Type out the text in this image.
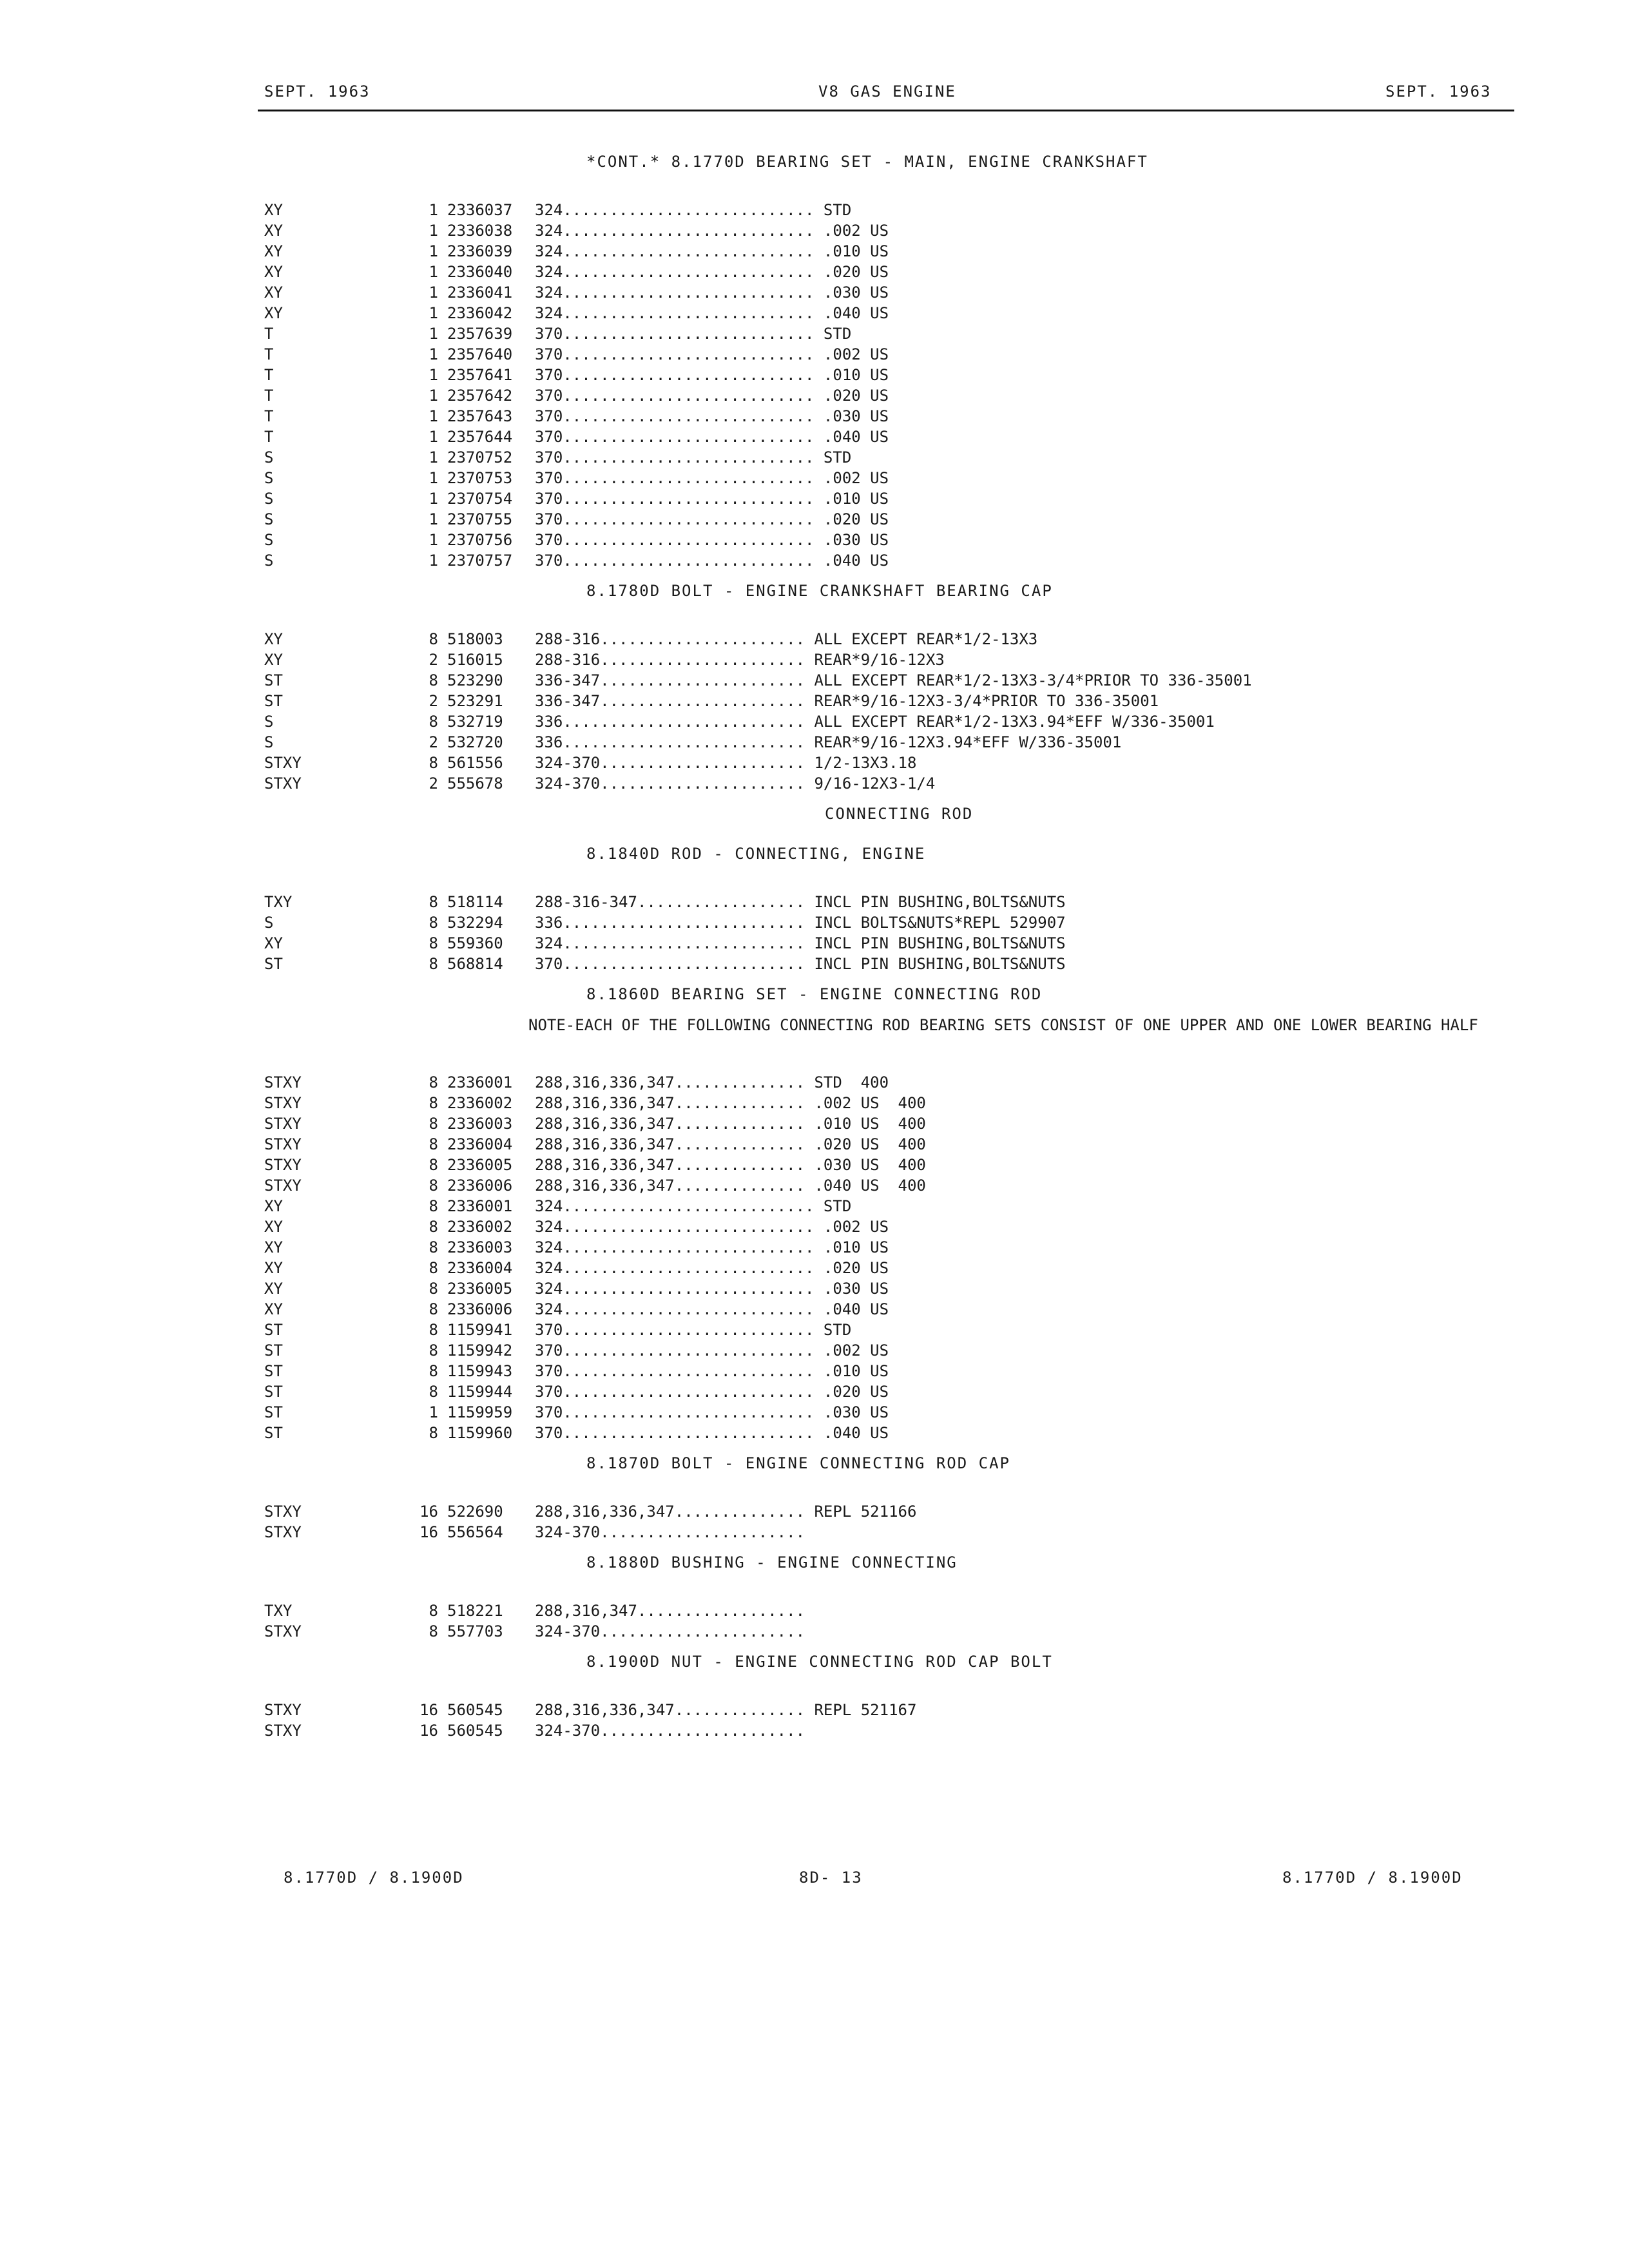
SEPT. 1963	V8 GAS ENGINE	SEPT. 1963
*CONT.* 8.1770D BEARING SET - MAIN, ENGINE CRANKSHAFT
XY	1 2336037	324........................... STD
XY	1 2336038	324........................... .002 US
XY	1 2336039	324........................... .010 US
XY	1 2336040	324........................... .020 US
XY	1 2336041	324........................... .030 US
XY	1 2336042	324........................... .040 US
T	1 2357639	370........................... STD
T	1 2357640	370........................... .002 US
T	1 2357641	370........................... .010 US
T	1 2357642	370........................... .020 US
T	1 2357643	370........................... .030 US
T	1 2357644	370........................... .040 US
S	1 2370752	370........................... STD
S	1 2370753	370........................... .002 US
S	1 2370754	370........................... .010 US
S	1 2370755	370........................... .020 US
S	1 2370756	370........................... .030 US
S	1 2370757	370........................... .040 US
8.1780D BOLT - ENGINE CRANKSHAFT BEARING CAP
XY	8 518003	288-316...................... ALL EXCEPT REAR*1/2-13X3
XY	2 516015	288-316...................... REAR*9/16-12X3
ST	8 523290	336-347...................... ALL EXCEPT REAR*1/2-13X3-3/4*PRIOR TO 336-35001
ST	2 523291	336-347...................... REAR*9/16-12X3-3/4*PRIOR TO 336-35001
S	8 532719	336.......................... ALL EXCEPT REAR*1/2-13X3.94*EFF W/336-35001
S	2 532720	336.......................... REAR*9/16-12X3.94*EFF W/336-35001
STXY	8 561556	324-370...................... 1/2-13X3.18
STXY	2 555678	324-370...................... 9/16-12X3-1/4
CONNECTING ROD
8.1840D ROD - CONNECTING, ENGINE
TXY	8 518114	288-316-347.................. INCL PIN BUSHING,BOLTS&NUTS
S	8 532294	336.......................... INCL BOLTS&NUTS*REPL 529907
XY	8 559360	324.......................... INCL PIN BUSHING,BOLTS&NUTS
ST	8 568814	370.......................... INCL PIN BUSHING,BOLTS&NUTS
8.1860D BEARING SET - ENGINE CONNECTING ROD
NOTE-EACH OF THE FOLLOWING CONNECTING ROD BEARING SETS CONSIST OF ONE UPPER AND ONE LOWER BEARING HALF
STXY	8 2336001	288,316,336,347.............. STD  400
STXY	8 2336002	288,316,336,347.............. .002 US  400
STXY	8 2336003	288,316,336,347.............. .010 US  400
STXY	8 2336004	288,316,336,347.............. .020 US  400
STXY	8 2336005	288,316,336,347.............. .030 US  400
STXY	8 2336006	288,316,336,347.............. .040 US  400
XY	8 2336001	324........................... STD
XY	8 2336002	324........................... .002 US
XY	8 2336003	324........................... .010 US
XY	8 2336004	324........................... .020 US
XY	8 2336005	324........................... .030 US
XY	8 2336006	324........................... .040 US
ST	8 1159941	370........................... STD
ST	8 1159942	370........................... .002 US
ST	8 1159943	370........................... .010 US
ST	8 1159944	370........................... .020 US
ST	1 1159959	370........................... .030 US
ST	8 1159960	370........................... .040 US
8.1870D BOLT - ENGINE CONNECTING ROD CAP
STXY	16 522690	288,316,336,347.............. REPL 521166
STXY	16 556564	324-370......................
8.1880D BUSHING - ENGINE CONNECTING
TXY	8 518221	288,316,347..................
STXY	8 557703	324-370......................
8.1900D NUT - ENGINE CONNECTING ROD CAP BOLT
STXY	16 560545	288,316,336,347.............. REPL 521167
STXY	16 560545	324-370......................
8.1770D / 8.1900D	8D- 13	8.1770D / 8.1900D
